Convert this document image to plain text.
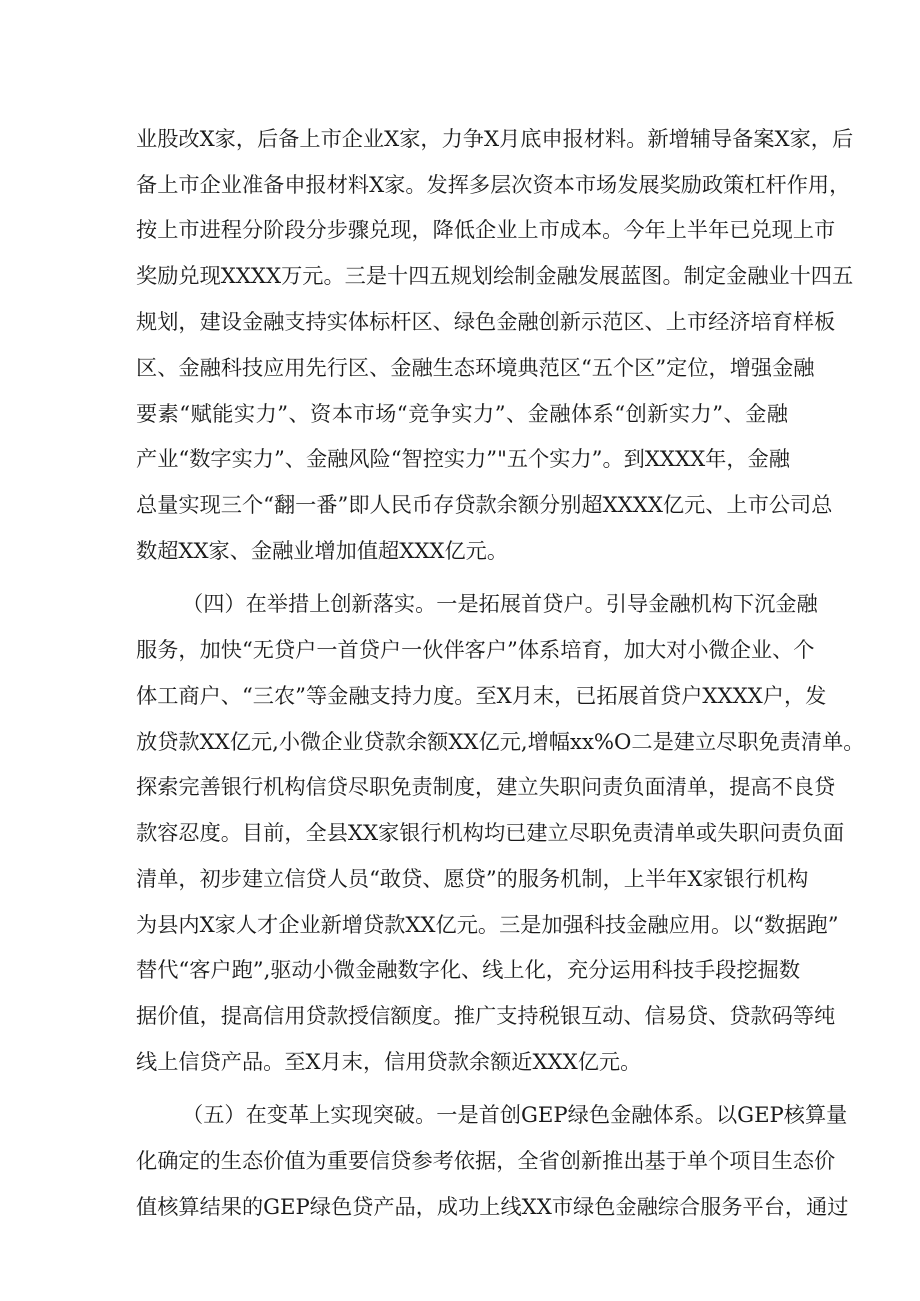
业股改X家，后备上市企业X家，力争X月底申报材料。新增辅导备案X家，后
备上市企业准备申报材料X家。发挥多层次资本市场发展奖励政策杠杆作用，
按上市进程分阶段分步骤兑现，降低企业上市成本。今年上半年已兑现上市
奖励兑现XXXX万元。三是十四五规划绘制金融发展蓝图。制定金融业十四五
规划，建设金融支持实体标杆区、绿色金融创新示范区、上市经济培育样板
区、金融科技应用先行区、金融生态环境典范区“五个区”定位，增强金融
要素“赋能实力”、资本市场“竞争实力”、金融体系“创新实力”、金融
产业“数字实力”、金融风险“智控实力”"五个实力”。到XXXX年，金融
总量实现三个“翻一番”即人民币存贷款余额分别超XXXX亿元、上市公司总
数超XX家、金融业增加值超XXX亿元。
（四）在举措上创新落实。一是拓展首贷户。引导金融机构下沉金融
服务，加快“无贷户一首贷户一伙伴客户”体系培育，加大对小微企业、个
体工商户、“三农”等金融支持力度。至X月末，已拓展首贷户XXXX户，发
放贷款XX亿元,小微企业贷款余额XX亿元,增幅xx%O二是建立尽职免责清单。
探索完善银行机构信贷尽职免责制度，建立失职问责负面清单，提高不良贷
款容忍度。目前，全县XX家银行机构均已建立尽职免责清单或失职问责负面
清单，初步建立信贷人员“敢贷、愿贷”的服务机制，上半年X家银行机构
为县内X家人才企业新增贷款XX亿元。三是加强科技金融应用。以“数据跑”
替代“客户跑”,驱动小微金融数字化、线上化，充分运用科技手段挖掘数
据价值，提高信用贷款授信额度。推广支持税银互动、信易贷、贷款码等纯
线上信贷产品。至X月末，信用贷款余额近XXX亿元。
（五）在变革上实现突破。一是首创GEP绿色金融体系。以GEP核算量
化确定的生态价值为重要信贷参考依据，全省创新推出基于单个项目生态价
值核算结果的GEP绿色贷产品，成功上线XX市绿色金融综合服务平台，通过
